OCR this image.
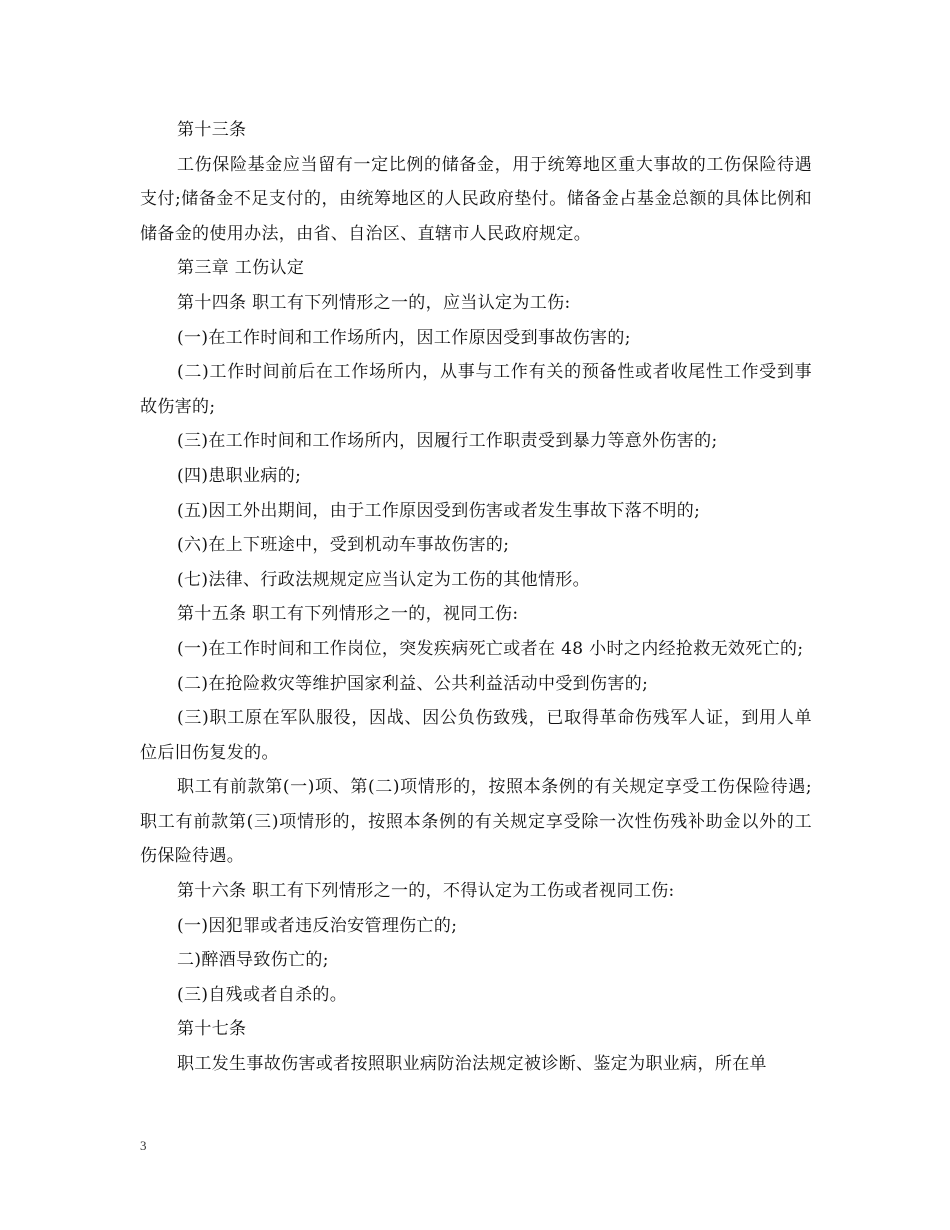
第十三条

工伤保险基金应当留有一定比例的储备金，用于统筹地区重大事故的工伤保险待遇支付;储备金不足支付的，由统筹地区的人民政府垫付。储备金占基金总额的具体比例和储备金的使用办法，由省、自治区、直辖市人民政府规定。

第三章 工伤认定

第十四条 职工有下列情形之一的，应当认定为工伤:

(一)在工作时间和工作场所内，因工作原因受到事故伤害的;

(二)工作时间前后在工作场所内，从事与工作有关的预备性或者收尾性工作受到事故伤害的;

(三)在工作时间和工作场所内，因履行工作职责受到暴力等意外伤害的;

(四)患职业病的;

(五)因工外出期间，由于工作原因受到伤害或者发生事故下落不明的;

(六)在上下班途中，受到机动车事故伤害的;

(七)法律、行政法规规定应当认定为工伤的其他情形。

第十五条 职工有下列情形之一的，视同工伤:

(一)在工作时间和工作岗位，突发疾病死亡或者在 48 小时之内经抢救无效死亡的;

(二)在抢险救灾等维护国家利益、公共利益活动中受到伤害的;

(三)职工原在军队服役，因战、因公负伤致残，已取得革命伤残军人证，到用人单位后旧伤复发的。

职工有前款第(一)项、第(二)项情形的，按照本条例的有关规定享受工伤保险待遇;职工有前款第(三)项情形的，按照本条例的有关规定享受除一次性伤残补助金以外的工伤保险待遇。

第十六条 职工有下列情形之一的，不得认定为工伤或者视同工伤:

(一)因犯罪或者违反治安管理伤亡的;

二)醉酒导致伤亡的;

(三)自残或者自杀的。

第十七条

职工发生事故伤害或者按照职业病防治法规定被诊断、鉴定为职业病，所在单

3
